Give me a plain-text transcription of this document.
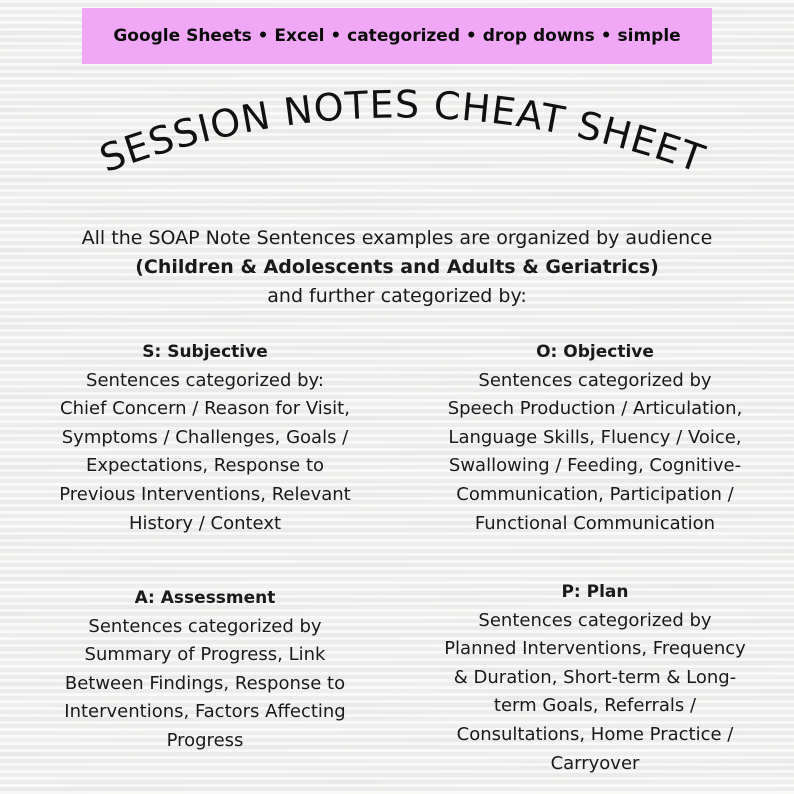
Google Sheets • Excel • categorized • drop downs • simple
SESSION NOTES CHEAT SHEET
All the SOAP Note Sentences examples are organized by audience
(Children & Adolescents and Adults & Geriatrics)
and further categorized by:
S: Subjective
Sentences categorized by:
Chief Concern / Reason for Visit,
Symptoms / Challenges, Goals /
Expectations, Response to
Previous Interventions, Relevant
History / Context
O: Objective
Sentences categorized by
Speech Production / Articulation,
Language Skills, Fluency / Voice,
Swallowing / Feeding, Cognitive-
Communication, Participation /
Functional Communication
A: Assessment
Sentences categorized by
Summary of Progress, Link
Between Findings, Response to
Interventions, Factors Affecting
Progress
P: Plan
Sentences categorized by
Planned Interventions, Frequency
& Duration, Short-term & Long-
term Goals, Referrals /
Consultations, Home Practice /
Carryover
